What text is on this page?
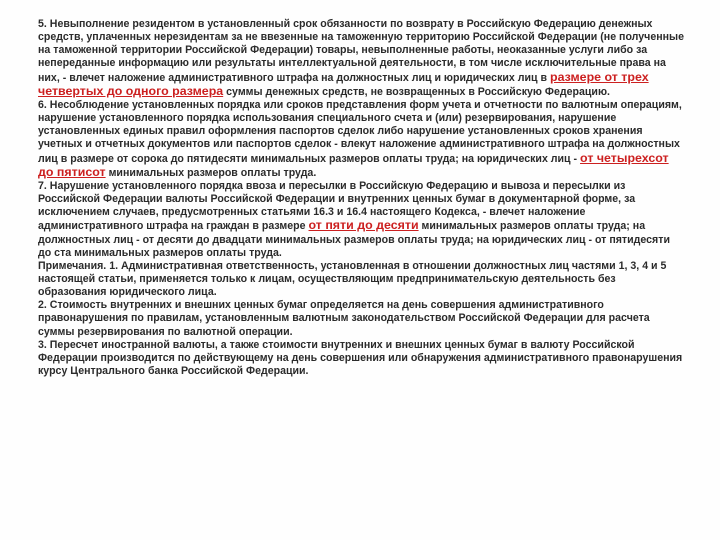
5. Невыполнение резидентом в установленный срок обязанности по возврату в Российскую Федерацию денежных средств, уплаченных нерезидентам за не ввезенные на таможенную территорию Российской Федерации (не полученные на таможенной территории Российской Федерации) товары, невыполненные работы, неоказанные услуги либо за непереданные информацию или результаты интеллектуальной деятельности, в том числе исключительные права на них, - влечет наложение административного штрафа на должностных лиц и юридических лиц в размере от трех четвертых до одного размера суммы денежных средств, не возвращенных в Российскую Федерацию.

6. Несоблюдение установленных порядка или сроков представления форм учета и отчетности по валютным операциям, нарушение установленного порядка использования специального счета и (или) резервирования, нарушение установленных единых правил оформления паспортов сделок либо нарушение установленных сроков хранения учетных и отчетных документов или паспортов сделок - влекут наложение административного штрафа на должностных лиц в размере от сорока до пятидесяти минимальных размеров оплаты труда; на юридических лиц - от четырехсот до пятисот минимальных размеров оплаты труда.

7. Нарушение установленного порядка ввоза и пересылки в Российскую Федерацию и вывоза и пересылки из Российской Федерации валюты Российской Федерации и внутренних ценных бумаг в документарной форме, за исключением случаев, предусмотренных статьями 16.3 и 16.4 настоящего Кодекса, - влечет наложение административного штрафа на граждан в размере от пяти до десяти минимальных размеров оплаты труда; на должностных лиц - от десяти до двадцати минимальных размеров оплаты труда; на юридических лиц - от пятидесяти до ста минимальных размеров оплаты труда.

Примечания. 1. Административная ответственность, установленная в отношении должностных лиц частями 1, 3, 4 и 5 настоящей статьи, применяется только к лицам, осуществляющим предпринимательскую деятельность без образования юридического лица.

2. Стоимость внутренних и внешних ценных бумаг определяется на день совершения административного правонарушения по правилам, установленным валютным законодательством Российской Федерации для расчета суммы резервирования по валютной операции.

3. Пересчет иностранной валюты, а также стоимости внутренних и внешних ценных бумаг в валюту Российской Федерации производится по действующему на день совершения или обнаружения административного правонарушения курсу Центрального банка Российской Федерации.
